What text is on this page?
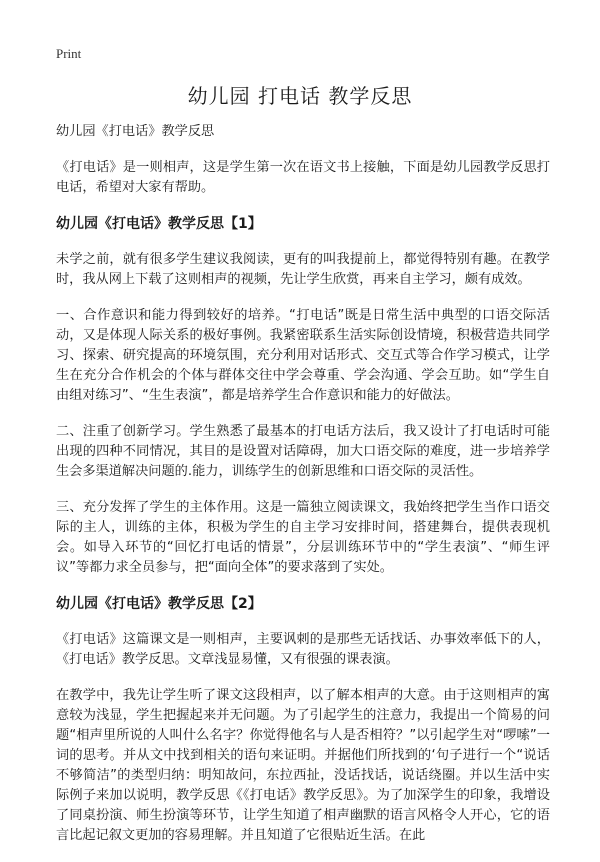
Print
幼儿园 打电话 教学反思

幼儿园《打电话》教学反思

《打电话》是一则相声，这是学生第一次在语文书上接触，下面是幼儿园教学反思打电话，希望对大家有帮助。

幼儿园《打电话》教学反思【1】

未学之前，就有很多学生建议我阅读，更有的叫我提前上，都觉得特别有趣。在教学时，我从网上下载了这则相声的视频，先让学生欣赏，再来自主学习，颇有成效。

一、合作意识和能力得到较好的培养。“打电话”既是日常生活中典型的口语交际活动，又是体现人际关系的极好事例。我紧密联系生活实际创设情境，积极营造共同学习、探索、研究提高的环境氛围，充分利用对话形式、交互式等合作学习模式，让学生在充分合作机会的个体与群体交往中学会尊重、学会沟通、学会互助。如“学生自由组对练习”、“生生表演”，都是培养学生合作意识和能力的好做法。

二、注重了创新学习。学生熟悉了最基本的打电话方法后，我又设计了打电话时可能出现的四种不同情况，其目的是设置对话障碍，加大口语交际的难度，进一步培养学生会多渠道解决问题的.能力，训练学生的创新思维和口语交际的灵活性。

三、充分发挥了学生的主体作用。这是一篇独立阅读课文，我始终把学生当作口语交际的主人，训练的主体，积极为学生的自主学习安排时间，搭建舞台，提供表现机会。如导入环节的“回忆打电话的情景”，分层训练环节中的“学生表演”、“师生评议”等都力求全员参与，把“面向全体”的要求落到了实处。

幼儿园《打电话》教学反思【2】

《打电话》这篇课文是一则相声，主要讽刺的是那些无话找话、办事效率低下的人，《打电话》教学反思。文章浅显易懂，又有很强的课表演。

在教学中，我先让学生听了课文这段相声，以了解本相声的大意。由于这则相声的寓意较为浅显，学生把握起来并无问题。为了引起学生的注意力，我提出一个简易的问题“相声里所说的人叫什么名字？你觉得他名与人是否相符？”以引起学生对“啰嗦”一词的思考。并从文中找到相关的语句来证明。并据他们所找到的‘句子进行一个“说话不够简洁”的类型归纳：明知故问，东拉西扯，没话找话，说话绕圈。并以生活中实际例子来加以说明，教学反思《《打电话》教学反思》。为了加深学生的印象，我增设了同桌扮演、师生扮演等环节，让学生知道了相声幽默的语言风格令人开心，它的语言比起记叙文更加的容易理解。并且知道了它很贴近生活。在此
